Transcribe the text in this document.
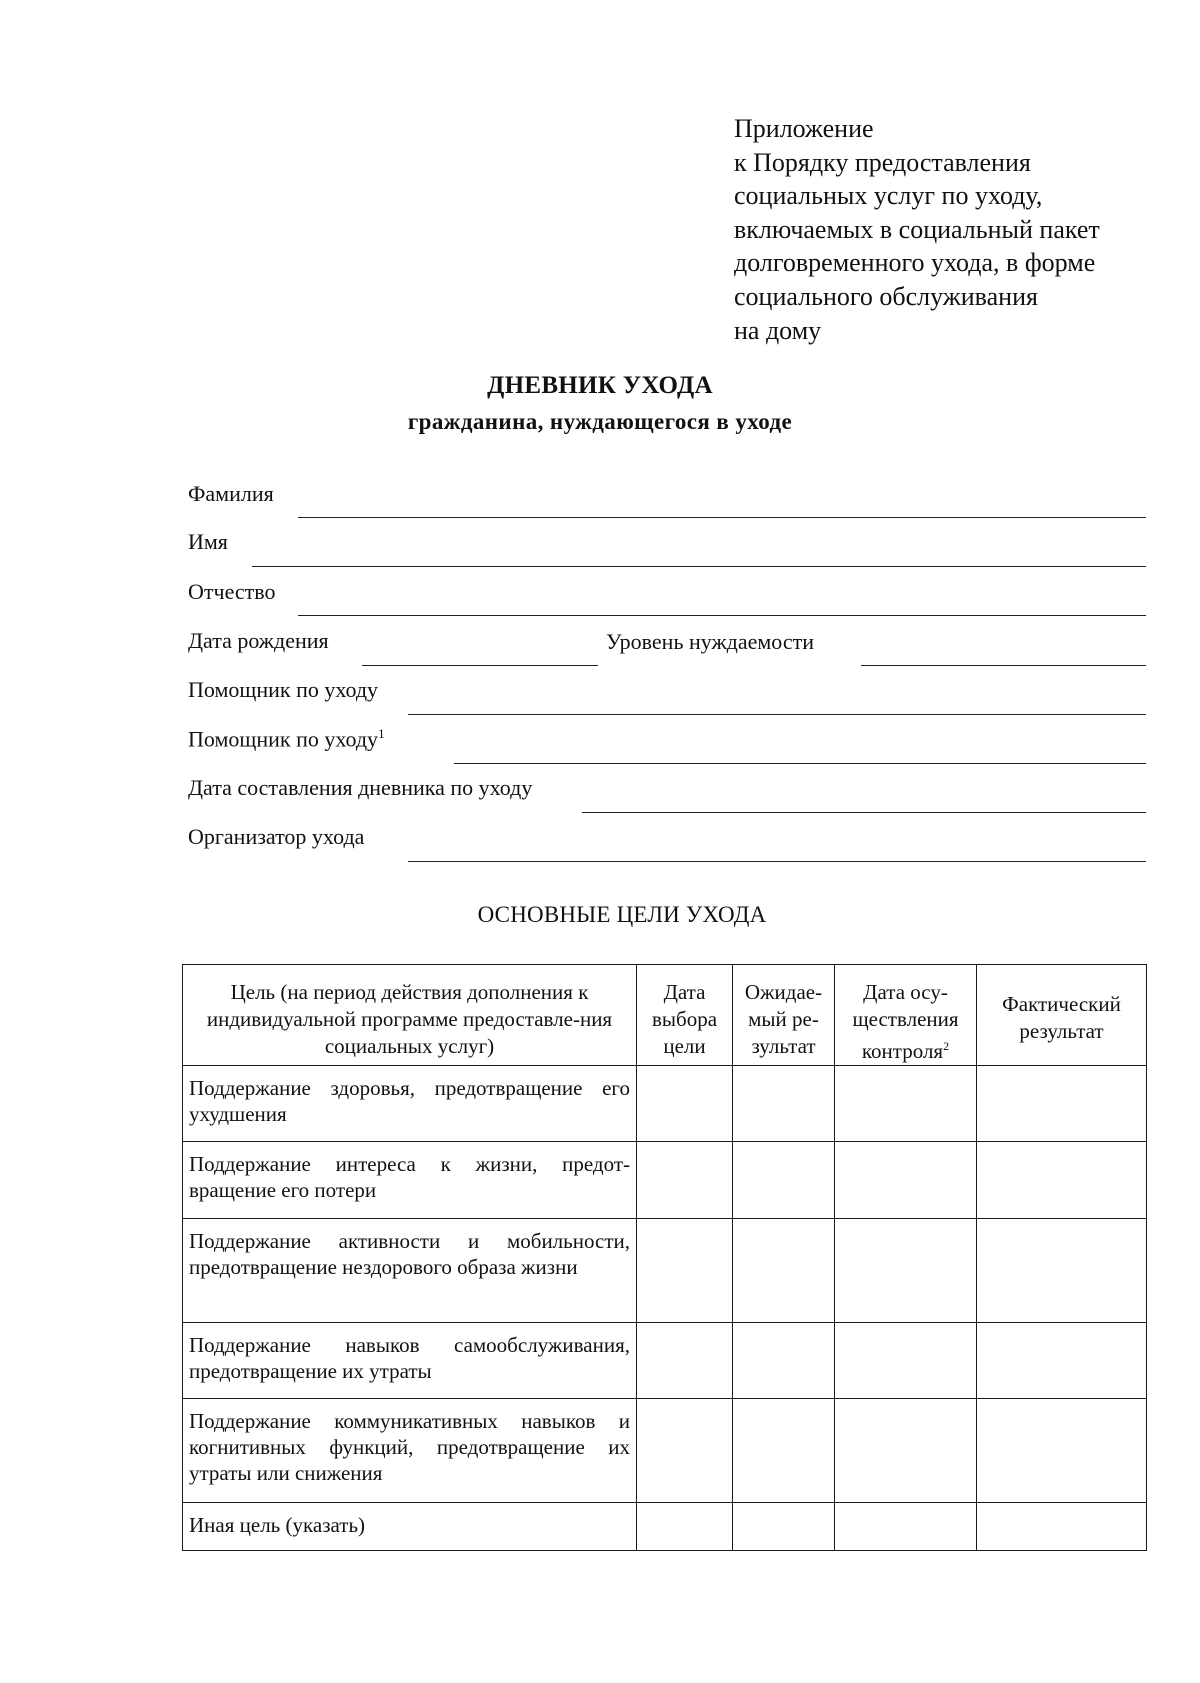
Приложение
к Порядку предоставления
социальных услуг по уходу,
включаемых в социальный пакет
долговременного ухода, в форме
социального обслуживания
на дому
ДНЕВНИК УХОДА
гражданина, нуждающегося в уходе
Фамилия
Имя
Отчество
Дата рождения	Уровень нуждаемости
Помощник по уходу
Помощник по уходу$^1$
Дата составления дневника по уходу
Организатор ухода
ОСНОВНЫЕ ЦЕЛИ УХОДА
Цель (на период действия дополнения к индивидуальной программе предоставле-ния социальных услуг)	Дата выбора цели	Ожидае-мый ре-зультат	Дата осу-ществления контроля$^2$	Фактический результат

Поддержание здоровья, предотвращение его ухудшения				

Поддержание интереса к жизни, предот-вращение его потери				

Поддержание активности и мобильности, предотвращение нездорового образа жизни				

Поддержание навыков самообслуживания, предотвращение их утраты				

Поддержание коммуникативных навыков и когнитивных функций, предотвращение их утраты или снижения				

Иная цель (указать)				
